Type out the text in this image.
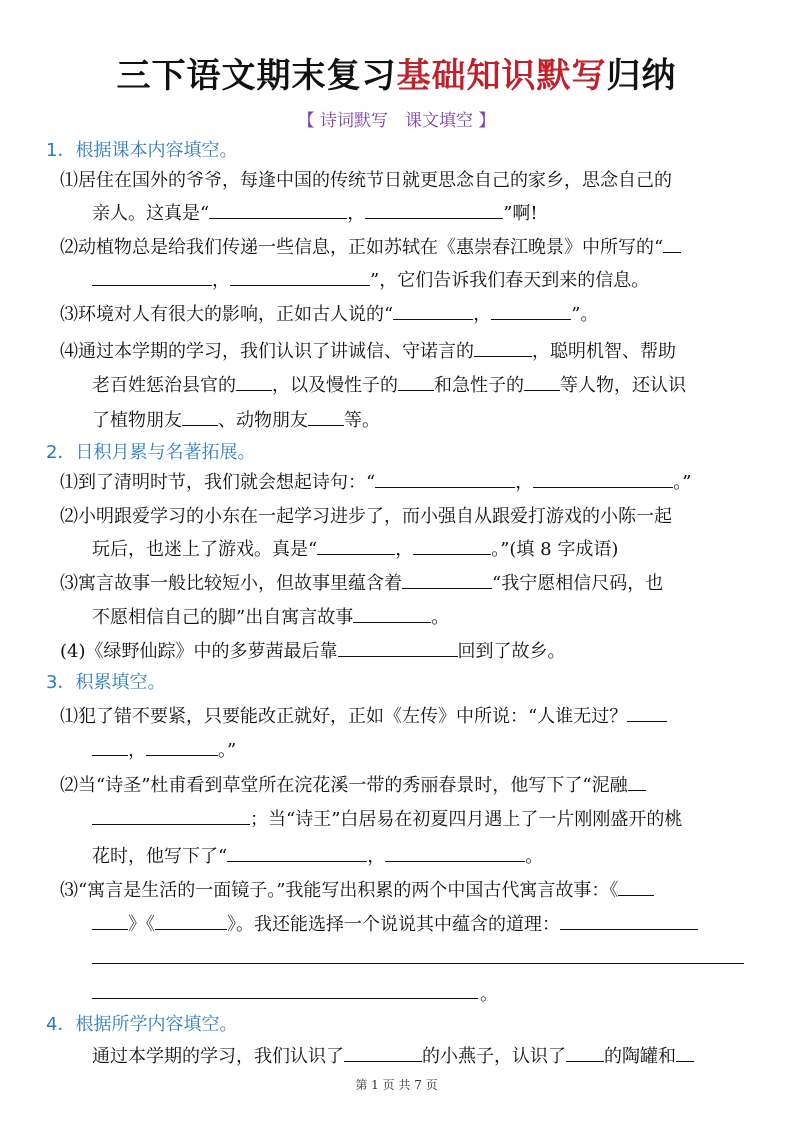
三下语文期末复习基础知识默写归纳
【 诗词默写　课文填空 】
1．根据课本内容填空。
⑴居住在国外的爷爷，每逢中国的传统节日就更思念自己的家乡，思念自己的
亲人。这真是“	，	”啊!
⑵动植物总是给我们传递一些信息，正如苏轼在《惠崇春江晚景》中所写的“
，	”，它们告诉我们春天到来的信息。
⑶环境对人有很大的影响，正如古人说的“	，	”。
⑷通过本学期的学习，我们认识了讲诚信、守诺言的	，聪明机智、帮助
老百姓惩治县官的 ，以及慢性子的 和急性子的 等人物，还认识
了植物朋友 、动物朋友 等。
2．日积月累与名著拓展。
⑴到了清明时节，我们就会想起诗句：“	，	。”
⑵小明跟爱学习的小东在一起学习进步了，而小强自从跟爱打游戏的小陈一起
玩后，也迷上了游戏。真是“	，	。”(填 8 字成语)
⑶寓言故事一般比较短小，但故事里蕴含着	“我宁愿相信尺码，也
不愿相信自己的脚”出自寓言故事	。
(4)《绿野仙踪》中的多萝茜最后靠	回到了故乡。
3．积累填空。
⑴犯了错不要紧，只要能改正就好，正如《左传》中所说：“人谁无过？
，	。”
⑵当“诗圣”杜甫看到草堂所在浣花溪一带的秀丽春景时，他写下了“泥融
；当“诗王”白居易在初夏四月遇上了一片刚刚盛开的桃
花时，他写下了“	，	。
⑶“寓言是生活的一面镜子。”我能写出积累的两个中国古代寓言故事：《
》《	》。我还能选择一个说说其中蕴含的道理：
。
4．根据所学内容填空。
通过本学期的学习，我们认识了	的小燕子，认识了 的陶罐和
第 1 页 共 7 页
